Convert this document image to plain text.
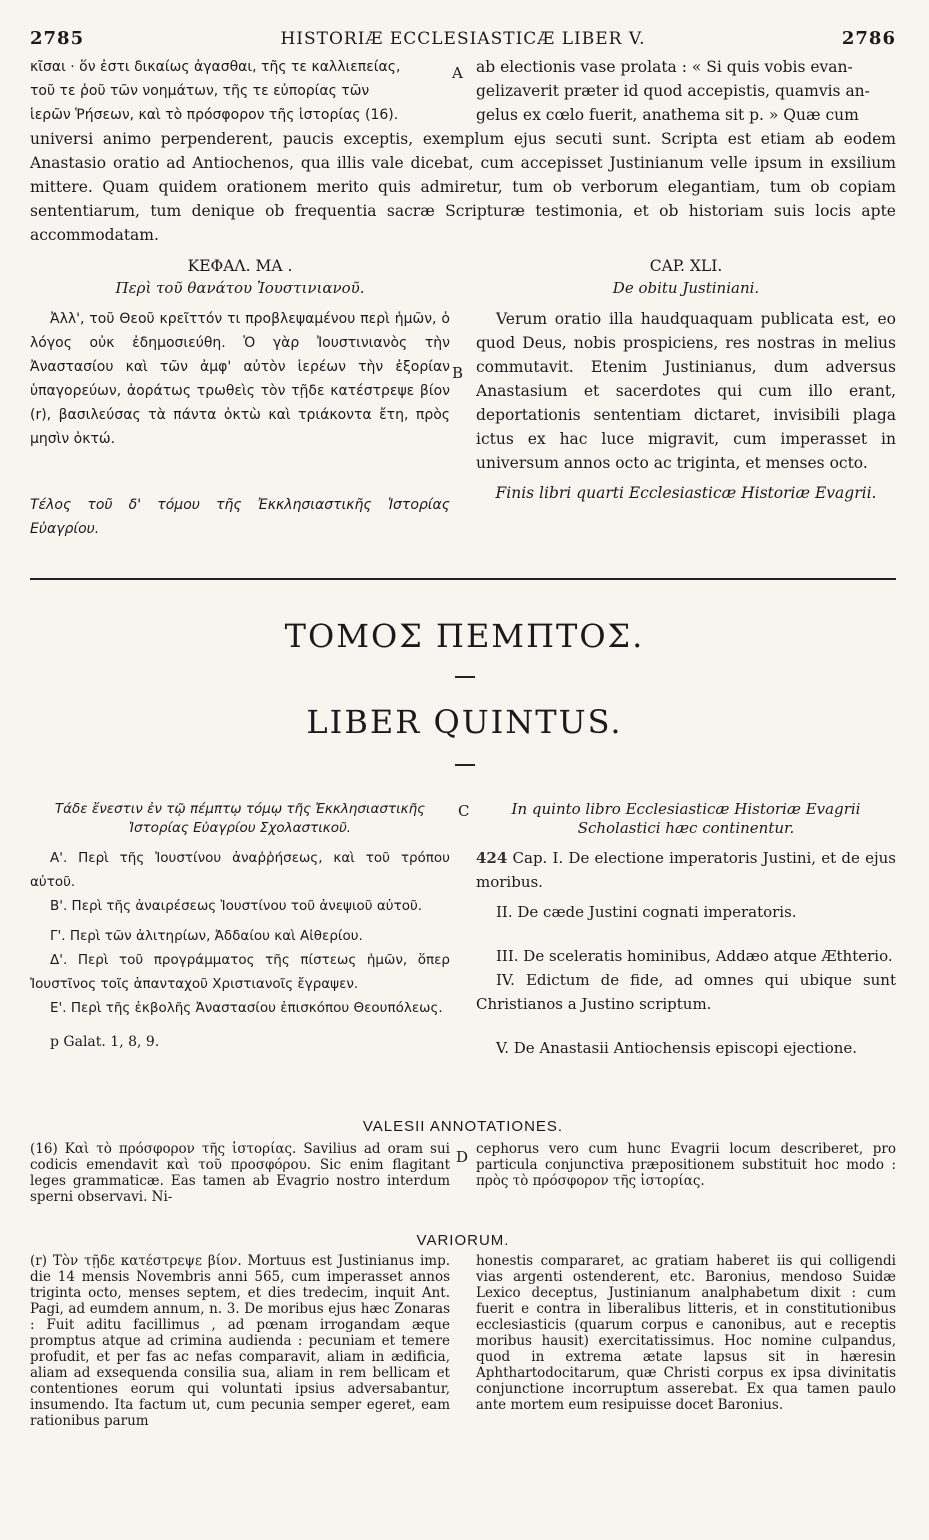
2785	HISTORIÆ ECCLESIASTICÆ LIBER V.	2786

κῖσαι · ὅν ἐστι δικαίως ἀγασθαι, τῆς τε καλλιεπείας,

τοῦ τε ῥοῦ τῶν νοημάτων, τῆς τε εὐπορίας τῶν

ἱερῶν Ῥήσεων, καὶ τὸ πρόσφορον τῆς ἱστορίας (16).

ab electionis vase prolata : « Si quis vobis evan-

gelizaverit præter id quod accepistis, quamvis an-

gelus ex cœlo fuerit, anathema sit p. » Quæ cum

universi animo perpenderent, paucis exceptis, exemplum ejus secuti sunt. Scripta est etiam ab eodem Anastasio oratio ad Antiochenos, qua illis vale dicebat, cum accepisset Justinianum velle ipsum in exsilium mittere. Quam quidem orationem merito quis admiretur, tum ob verborum elegantiam, tum ob copiam sententiarum, tum denique ob frequentia sacræ Scripturæ testimonia, et ob historiam suis locis apte accommodatam.

ΚΕΦΑΛ. ΜΑ .

Περὶ τοῦ θανάτου Ἰουστινιανοῦ.

Ἀλλ', τοῦ Θεοῦ κρεῖττόν τι προβλεψαμένου περὶ ἡμῶν, ὁ λόγος οὐκ ἐδημοσιεύθη. Ὁ γὰρ Ἰουστινιανὸς τὴν Ἀναστασίου καὶ τῶν ἀμφ' αὐτὸν ἱερέων τὴν ἐξορίαν ὑπαγορεύων, ἀοράτως τρωθεὶς τὸν τῇδε κατέστρεψε βίον (r), βασιλεύσας τὰ πάντα ὀκτὼ καὶ τριάκοντα ἔτη, πρὸς μησὶν ὀκτώ.

Τέλος τοῦ δ' τόμου τῆς Ἐκκλησιαστικῆς Ἱστορίας Εὐαγρίου.

CAP. XLI.

De obitu Justiniani.

Verum oratio illa haudquaquam publicata est, eo quod Deus, nobis prospiciens, res nostras in melius commutavit. Etenim Justinianus, dum adversus Anastasium et sacerdotes qui cum illo erant, deportationis sententiam dictaret, invisibili plaga ictus ex hac luce migravit, cum imperasset in universum annos octo ac triginta, et menses octo.

Finis libri quarti Ecclesiasticæ Historiæ Evagrii.

A
B
ΤΟΜΟΣ ΠΕΜΠΤΟΣ.
LIBER QUINTUS.

Τάδε ἔνεστιν ἐν τῷ πέμπτῳ τόμῳ τῆς Ἐκκλησιαστικῆς Ἱστορίας Εὐαγρίου Σχολαστικοῦ.

Α'. Περὶ τῆς Ἰουστίνου ἀναῤῥήσεως, καὶ τοῦ τρόπου αὐτοῦ.

Β'. Περὶ τῆς ἀναιρέσεως Ἰουστίνου τοῦ ἀνεψιοῦ αὐτοῦ.

Γ'. Περὶ τῶν ἀλιτηρίων, Ἀδδαίου καὶ Αἰθερίου.

Δ'. Περὶ τοῦ προγράμματος τῆς πίστεως ἡμῶν, ὅπερ Ἰουστῖνος τοῖς ἁπανταχοῦ Χριστιανοῖς ἔγραψεν.

Ε'. Περὶ τῆς ἐκβολῆς Ἀναστασίου ἐπισκόπου Θεουπόλεως.

p Galat. 1, 8, 9.

In quinto libro Ecclesiasticæ Historiæ Evagrii Scholastici hæc continentur.

424 Cap. I. De electione imperatoris Justini, et de ejus moribus.

II. De cæde Justini cognati imperatoris.

III. De sceleratis hominibus, Addæo atque Æthterio.

IV. Edictum de fide, ad omnes qui ubique sunt Christianos a Justino scriptum.

V. De Anastasii Antiochensis episcopi ejectione.

C

VALESII ANNOTATIONES.

(16) Καὶ τὸ πρόσφορον τῆς ἱστορίας. Savilius ad oram sui codicis emendavit καὶ τοῦ προσφόρου. Sic enim flagitant leges grammaticæ. Eas tamen ab Evagrio nostro interdum sperni observavi. Ni-

cephorus vero cum hunc Evagrii locum describeret, pro particula conjunctiva præpositionem substituit hoc modo : πρὸς τὸ πρόσφορον τῆς ἱστορίας.

D

VARIORUM.

(r) Τὸν τῇδε κατέστρεψε βίον. Mortuus est Justinianus imp. die 14 mensis Novembris anni 565, cum imperasset annos triginta octo, menses septem, et dies tredecim, inquit Ant. Pagi, ad eumdem annum, n. 3. De moribus ejus hæc Zonaras : Fuit aditu facillimus , ad pœnam irrogandam æque promptus atque ad crimina audienda : pecuniam et temere profudit, et per fas ac nefas comparavit, aliam in ædificia, aliam ad exsequenda consilia sua, aliam in rem bellicam et contentiones eorum qui voluntati ipsius adversabantur, insumendo. Ita factum ut, cum pecunia semper egeret, eam rationibus parum

honestis compararet, ac gratiam haberet iis qui colligendi vias argenti ostenderent, etc. Baronius, mendoso Suidæ Lexico deceptus, Justinianum analphabetum dixit : cum fuerit e contra in liberalibus litteris, et in constitutionibus ecclesiasticis (quarum corpus e canonibus, aut e receptis moribus hausit) exercitatissimus. Hoc nomine culpandus, quod in extrema ætate lapsus sit in hæresin Aphthartodocitarum, quæ Christi corpus ex ipsa divinitatis conjunctione incorruptum asserebat. Ex qua tamen paulo ante mortem eum resipuisse docet Baronius.
